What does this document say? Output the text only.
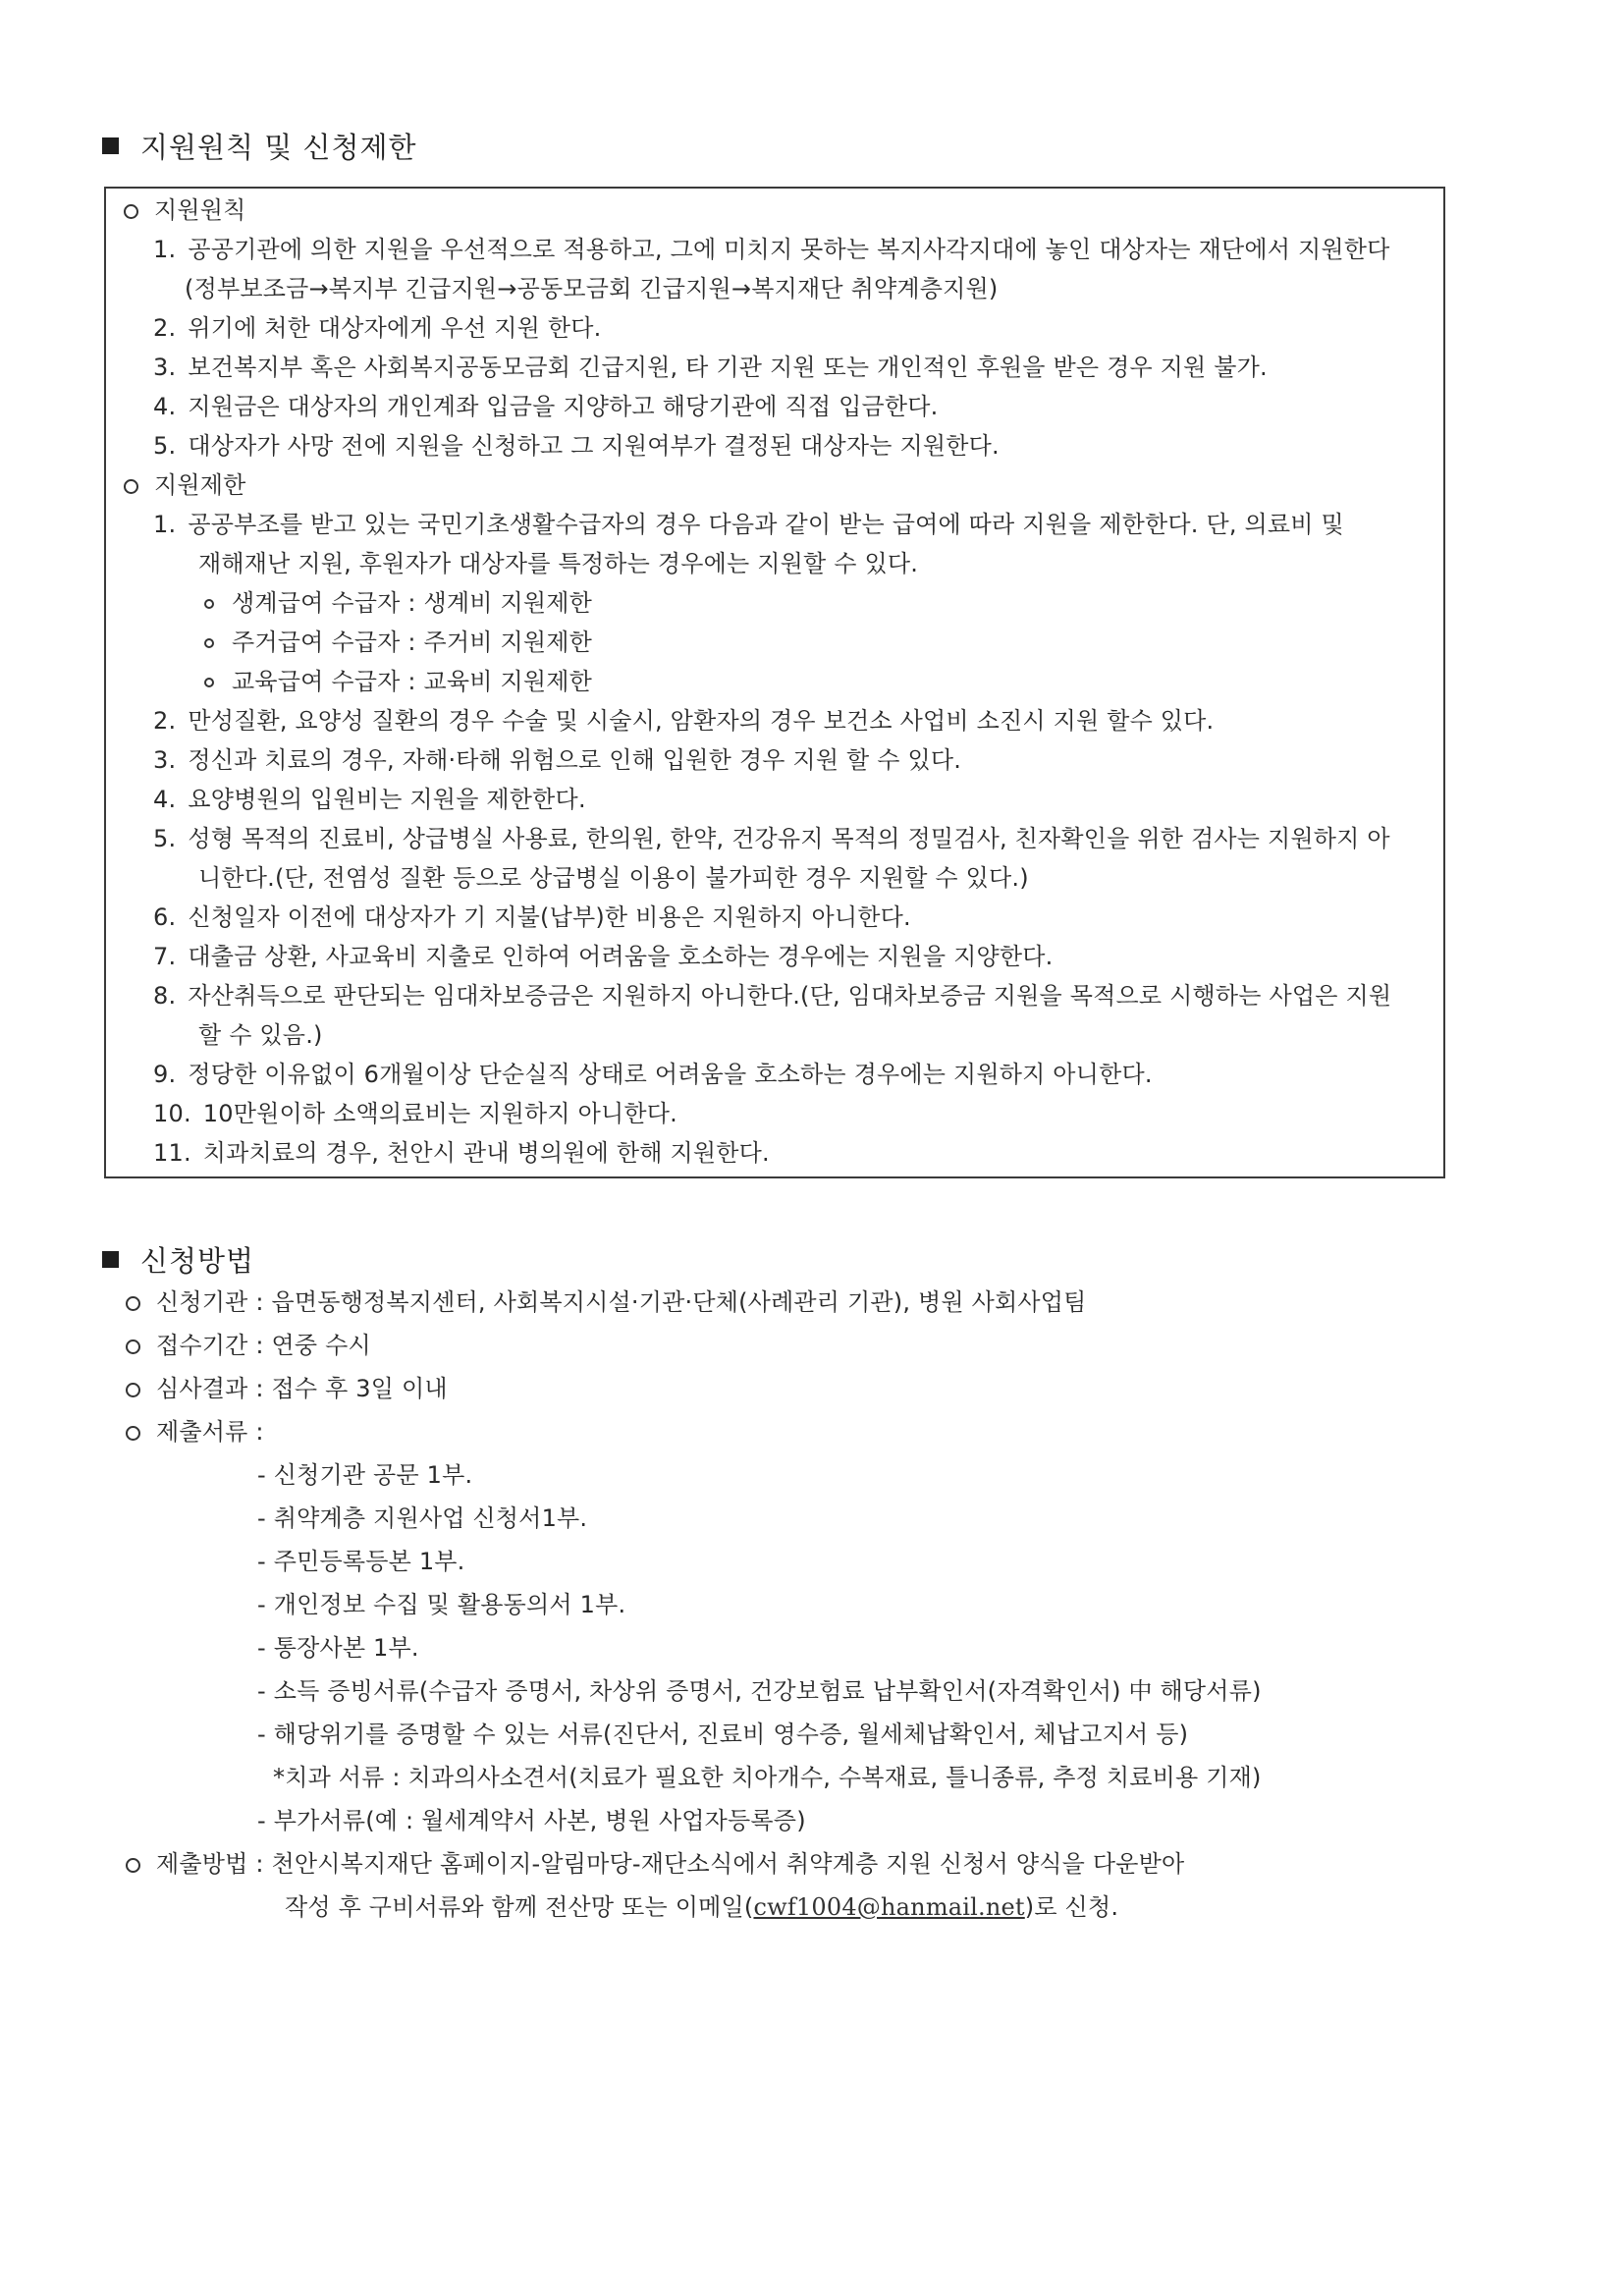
지원원칙 및 신청제한
지원원칙
1. 공공기관에 의한 지원을 우선적으로 적용하고, 그에 미치지 못하는 복지사각지대에 놓인 대상자는 재단에서 지원한다
(정부보조금→복지부 긴급지원→공동모금회 긴급지원→복지재단 취약계층지원)
2. 위기에 처한 대상자에게 우선 지원 한다.
3. 보건복지부 혹은 사회복지공동모금회 긴급지원, 타 기관 지원 또는 개인적인 후원을 받은 경우 지원 불가.
4. 지원금은 대상자의 개인계좌 입금을 지양하고 해당기관에 직접 입금한다.
5. 대상자가 사망 전에 지원을 신청하고 그 지원여부가 결정된 대상자는 지원한다.
지원제한
1. 공공부조를 받고 있는 국민기초생활수급자의 경우 다음과 같이 받는 급여에 따라 지원을 제한한다. 단, 의료비 및
재해재난 지원, 후원자가 대상자를 특정하는 경우에는 지원할 수 있다.
생계급여 수급자 : 생계비 지원제한
주거급여 수급자 : 주거비 지원제한
교육급여 수급자 : 교육비 지원제한
2. 만성질환, 요양성 질환의 경우 수술 및 시술시, 암환자의 경우 보건소 사업비 소진시 지원 할수 있다.
3. 정신과 치료의 경우, 자해·타해 위험으로 인해 입원한 경우 지원 할 수 있다.
4. 요양병원의 입원비는 지원을 제한한다.
5. 성형 목적의 진료비, 상급병실 사용료, 한의원, 한약, 건강유지 목적의 정밀검사, 친자확인을 위한 검사는 지원하지 아
니한다.(단, 전염성 질환 등으로 상급병실 이용이 불가피한 경우 지원할 수 있다.)
6. 신청일자 이전에 대상자가 기 지불(납부)한 비용은 지원하지 아니한다.
7. 대출금 상환, 사교육비 지출로 인하여 어려움을 호소하는 경우에는 지원을 지양한다.
8. 자산취득으로 판단되는 임대차보증금은 지원하지 아니한다.(단, 임대차보증금 지원을 목적으로 시행하는 사업은 지원
할 수 있음.)
9. 정당한 이유없이 6개월이상 단순실직 상태로 어려움을 호소하는 경우에는 지원하지 아니한다.
10. 10만원이하 소액의료비는 지원하지 아니한다.
11. 치과치료의 경우, 천안시 관내 병의원에 한해 지원한다.
신청방법
신청기관 : 읍면동행정복지센터, 사회복지시설·기관·단체(사례관리 기관), 병원 사회사업팀
접수기간 : 연중 수시
심사결과 : 접수 후 3일 이내
제출서류 :
- 신청기관 공문 1부.
- 취약계층 지원사업 신청서1부.
- 주민등록등본 1부.
- 개인정보 수집 및 활용동의서 1부.
- 통장사본 1부.
- 소득 증빙서류(수급자 증명서, 차상위 증명서, 건강보험료 납부확인서(자격확인서) 中 해당서류)
- 해당위기를 증명할 수 있는 서류(진단서, 진료비 영수증, 월세체납확인서, 체납고지서 등)
*치과 서류 : 치과의사소견서(치료가 필요한 치아개수, 수복재료, 틀니종류, 추정 치료비용 기재)
- 부가서류(예 : 월세계약서 사본, 병원 사업자등록증)
제출방법 : 천안시복지재단 홈페이지-알림마당-재단소식에서 취약계층 지원 신청서 양식을 다운받아
작성 후 구비서류와 함께 전산망 또는 이메일(cwf1004@hanmail.net)로 신청.
